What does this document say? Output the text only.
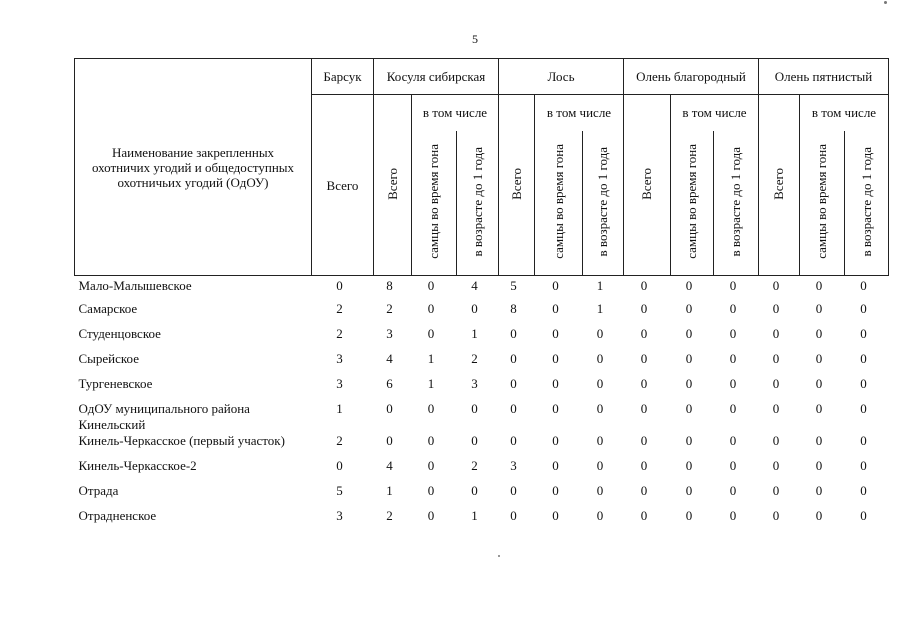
5
Наименование закрепленных охотничих угодий и общедоступных охотничьих угодий (ОдОУ)	Барсук	Косуля сибирская			Лось			Олень благородный			Олень пятнистый		
	Всего	Всего	в том числе		Всего	в том числе		Всего	в том числе		Всего	в том числе	
			самцы во время гона	в возрасте до 1 года		самцы во время гона	в возрасте до 1 года		самцы во время гона	в возрасте до 1 года		самцы во время гона	в возрасте до 1 года
Мало-Малышевское	0	8	0	4	5	0	1	0	0	0	0	0	0
Самарское	2	2	0	0	8	0	1	0	0	0	0	0	0
Студенцовское	2	3	0	1	0	0	0	0	0	0	0	0	0
Сырейское	3	4	1	2	0	0	0	0	0	0	0	0	0
Тургеневское	3	6	1	3	0	0	0	0	0	0	0	0	0
ОдОУ муниципального района Кинельский	1	0	0	0	0	0	0	0	0	0	0	0	0
Кинель-Черкасское (первый участок)	2	0	0	0	0	0	0	0	0	0	0	0	0
Кинель-Черкасское-2	0	4	0	2	3	0	0	0	0	0	0	0	0
Отрада	5	1	0	0	0	0	0	0	0	0	0	0	0
Отрадненское	3	2	0	1	0	0	0	0	0	0	0	0	0
